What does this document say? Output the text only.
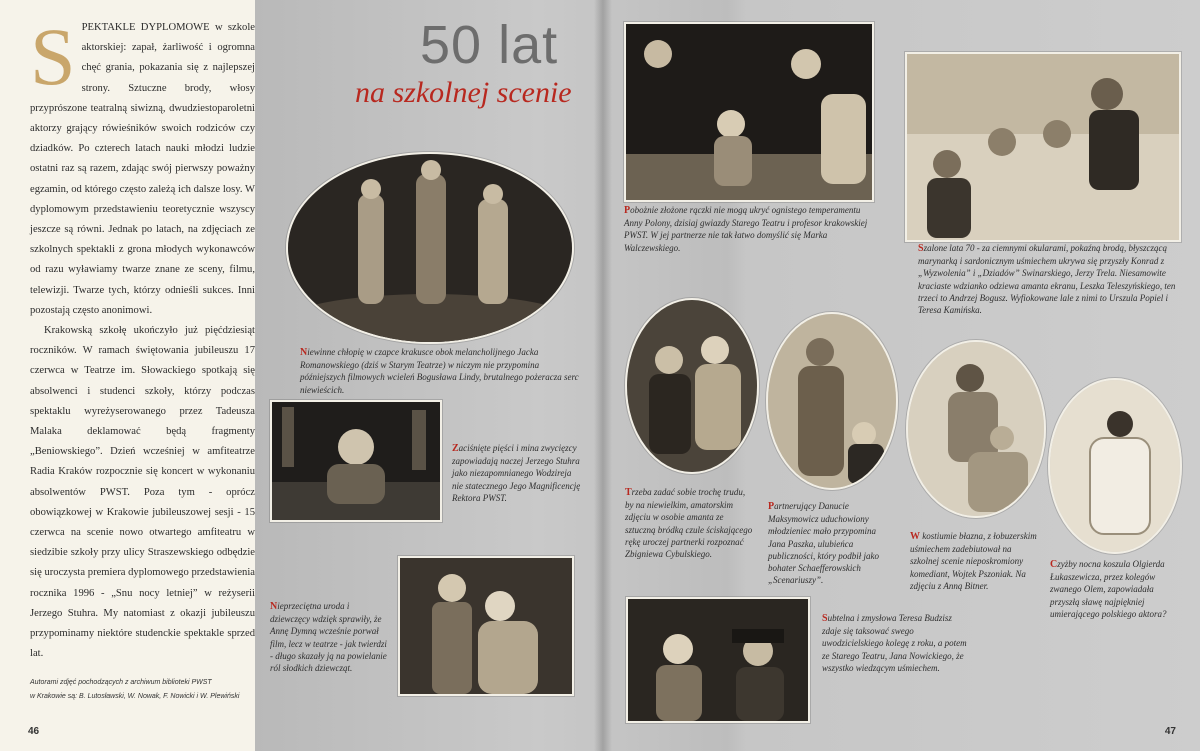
S PEKTAKLE DYPLOMOWE w szkole aktorskiej: zapał, żarliwość i ogromna chęć grania, pokazania się z najlepszej strony. Sztuczne brody, włosy przyprószone teatralną siwizną, dwudziestoparoletni aktorzy grający rówieśników swoich rodziców czy dziadków. Po czterech latach nauki młodzi ludzie ostatni raz są razem, zdając swój pierwszy poważny egzamin, od którego często zależą ich dalsze losy. W dyplomowym przedstawieniu teoretycznie wszyscy jeszcze są równi. Jednak po latach, na zdjęciach ze szkolnych spektakli z grona młodych wykonawców od razu wyławiamy twarze znane ze sceny, filmu, telewizji. Twarze tych, którzy odnieśli sukces. Inni pozostają często anonimowi.

Krakowską szkołę ukończyło już pięćdziesiąt roczników. W ramach świętowania jubileuszu 17 czerwca w Teatrze im. Słowackiego spotkają się absolwenci i studenci szkoły, którzy podczas spektaklu wyreżyserowanego przez Tadeusza Malaka deklamować będą fragmenty „Beniowskiego”. Dzień wcześniej w amfiteatrze Radia Kraków rozpocznie się koncert w wykonaniu absolwentów PWST. Poza tym - oprócz obowiązkowej w Krakowie jubileuszowej sesji - 15 czerwca na scenie nowo otwartego amfiteatru w siedzibie szkoły przy ulicy Straszewskiego odbędzie się uroczysta premiera dyplomowego przedstawienia rocznika 1996 - „Snu nocy letniej” w reżyserii Jerzego Stuhra. My natomiast z okazji jubileuszu przypominamy niektóre studenckie spektakle sprzed lat.

Autorami zdjęć pochodzących z archiwum biblioteki PWST
w Krakowie są: B. Lutosławski, W. Nowak, F. Nowicki i W. Plewiński
46	47
50 lat
na szkolnej scenie
Niewinne chłopię w czapce krakusce obok melancholijnego Jacka Romanowskiego (dziś w Starym Teatrze) w niczym nie przypomina późniejszych filmowych wcieleń Bogusława Lindy, brutalnego pożeracza serc niewieścich.
Zaciśnięte pięści i mina zwycięzcy zapowiadają naczej Jerzego Stuhra jako niezapomnianego Wodzireja nie statecznego Jego Magnificencję Rektora PWST.
Nieprzeciętna uroda i dziewczęcy wdzięk sprawiły, że Annę Dymną wcześnie porwał film, lecz w teatrze - jak twierdzi - długo skazały ją na powielanie ról słodkich dziewcząt.
Pobożnie złożone rączki nie mogą ukryć ognistego temperamentu Anny Polony, dzisiaj gwiazdy Starego Teatru i profesor krakowskiej PWST. W jej partnerze nie tak łatwo domyślić się Marka Walczewskiego.	Szalone lata 70 - za ciemnymi okularami, pokaźną brodą, błyszczącą marynarką i sardonicznym uśmiechem ukrywa się przyszły Konrad z „Wyzwolenia” i „Dziadów” Swinarskiego, Jerzy Trela. Niesamowite kraciaste wdzianko odziewa amanta ekranu, Leszka Teleszyńskiego, ten trzeci to Andrzej Bogusz. Wyfiokowane lale z nimi to Urszula Popiel i Teresa Kamińska.
Trzeba zadać sobie trochę trudu, by na niewielkim, amatorskim zdjęciu w osobie amanta ze sztuczną bródką czule ściskającego rękę uroczej partnerki rozpoznać Zbigniewa Cybulskiego.
Partnerujący Danucie Maksymowicz uduchowiony młodzieniec mało przypomina Jana Paszka, ulubieńca publiczności, który podbił jako bohater Schaefferowskich „Scenariuszy”.
W kostiumie błazna, z łobuzerskim uśmiechem zadebiutował na szkolnej scenie nieposkromiony komediant, Wojtek Pszoniak. Na zdjęciu z Anną Bitner.
Czyżby nocna koszula Olgierda Łukaszewicza, przez kolegów zwanego Olem, zapowiadała przyszłą sławę najpiękniej umierającego polskiego aktora?
Subtelna i zmysłowa Teresa Budzisz zdaje się taksować swego uwodzicielskiego kolegę z roku, a potem ze Starego Teatru, Jana Nowickiego, że wszystko wiedzącym uśmiechem.
